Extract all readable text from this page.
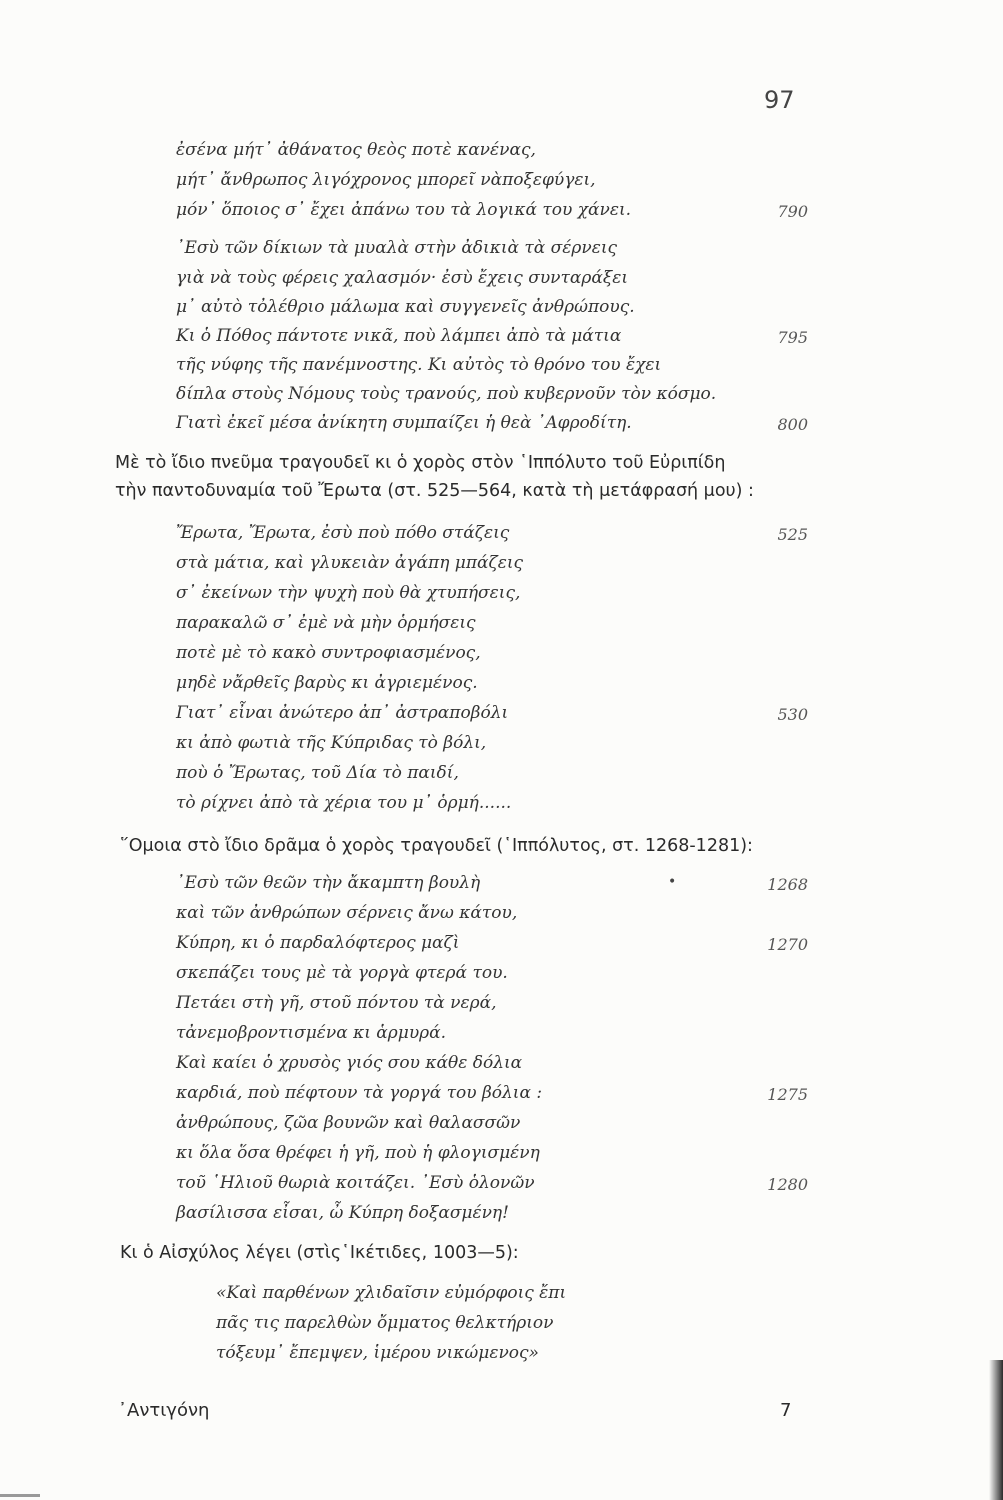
97
ἐσένα μήτ᾿ ἀθάνατος θεὸς ποτὲ κανένας,
μήτ᾿ ἄνθρωπος λιγόχρονος μπορεῖ νὰποξεφύγει,
μόν᾿ ὅποιος σ᾿ ἔχει ἀπάνω του τὰ λογικά του χάνει.	790
᾿Εσὺ τῶν δίκιων τὰ μυαλὰ στὴν ἀδικιὰ τὰ σέρνεις
γιὰ νὰ τοὺς φέρεις χαλασμόν· ἐσὺ ἔχεις συνταράξει
μ᾿ αὐτὸ τὀλέθριο μάλωμα καὶ συγγενεῖς ἀνθρώπους.
Κι ὁ Πόθος πάντοτε νικᾶ, ποὺ λάμπει ἀπὸ τὰ μάτια	795
τῆς νύφης τῆς πανέμνοστης. Κι αὐτὸς τὸ θρόνο του ἔχει
δίπλα στοὺς Νόμους τοὺς τρανούς, ποὺ κυβερνοῦν τὸν κόσμο.
Γιατὶ ἐκεῖ μέσα ἀνίκητη συμπαίζει ἡ θεὰ ᾿Αφροδίτη.	800
Μὲ τὸ ἴδιο πνεῦμα τραγουδεῖ κι ὁ χορὸς στὸν ῾Ιππόλυτο τοῦ Εὐριπίδη
τὴν παντοδυναμία τοῦ Ἔρωτα (στ. 525—564, κατὰ τὴ μετάφρασή μου) :
Ἔρωτα, Ἔρωτα, ἐσὺ ποὺ πόθο στάζεις	525
στὰ μάτια, καὶ γλυκειὰν ἀγάπη μπάζεις
σ᾿ ἐκείνων τὴν ψυχὴ ποὺ θὰ χτυπήσεις,
παρακαλῶ σ᾿ ἐμὲ νὰ μὴν ὁρμήσεις
ποτὲ μὲ τὸ κακὸ συντροφιασμένος,
μηδὲ νἄρθεῖς βαρὺς κι ἀγριεμένος.
Γιατ᾿ εἶναι ἀνώτερο ἀπ᾿ ἀστραποβόλι	530
κι ἀπὸ φωτιὰ τῆς Κύπριδας τὸ βόλι,
ποὺ ὁ Ἔρωτας, τοῦ Δία τὸ παιδί,
τὸ ρίχνει ἀπὸ τὰ χέρια του μ᾿ ὁρμή......
῞Ομοια στὸ ἴδιο δρᾶμα ὁ χορὸς τραγουδεῖ (῾Ιππόλυτος, στ. 1268-1281):
᾿Εσὺ τῶν θεῶν τὴν ἄκαμπτη βουλὴ	•	1268
καὶ τῶν ἀνθρώπων σέρνεις ἄνω κάτου,
Κύπρη, κι ὁ παρδαλόφτερος μαζὶ	1270
σκεπάζει τους μὲ τὰ γοργὰ φτερά του.
Πετάει στὴ γῆ, στοῦ πόντου τὰ νερά,
τἀνεμοβροντισμένα κι ἁρμυρά.
Καὶ καίει ὁ χρυσὸς γιός σου κάθε δόλια
καρδιά, ποὺ πέφτουν τὰ γοργά του βόλια :	1275
ἀνθρώπους, ζῶα βουνῶν καὶ θαλασσῶν
κι ὅλα ὅσα θρέφει ἡ γῆ, ποὺ ἡ φλογισμένη
τοῦ ῾Ηλιοῦ θωριὰ κοιτάζει. ᾿Εσὺ ὁλονῶν	1280
βασίλισσα εἶσαι, ὦ Κύπρη δοξασμένη!
Κι ὁ Αἰσχύλος λέγει (στὶς῾Ικέτιδες, 1003—5):
«Καὶ παρθένων χλιδαῖσιν εὐμόρφοις ἔπι
πᾶς τις παρελθὼν ὄμματος θελκτήριον
τόξευμ᾿ ἔπεμψεν, ἱμέρου νικώμενος»
᾿Αντιγόνη	7
